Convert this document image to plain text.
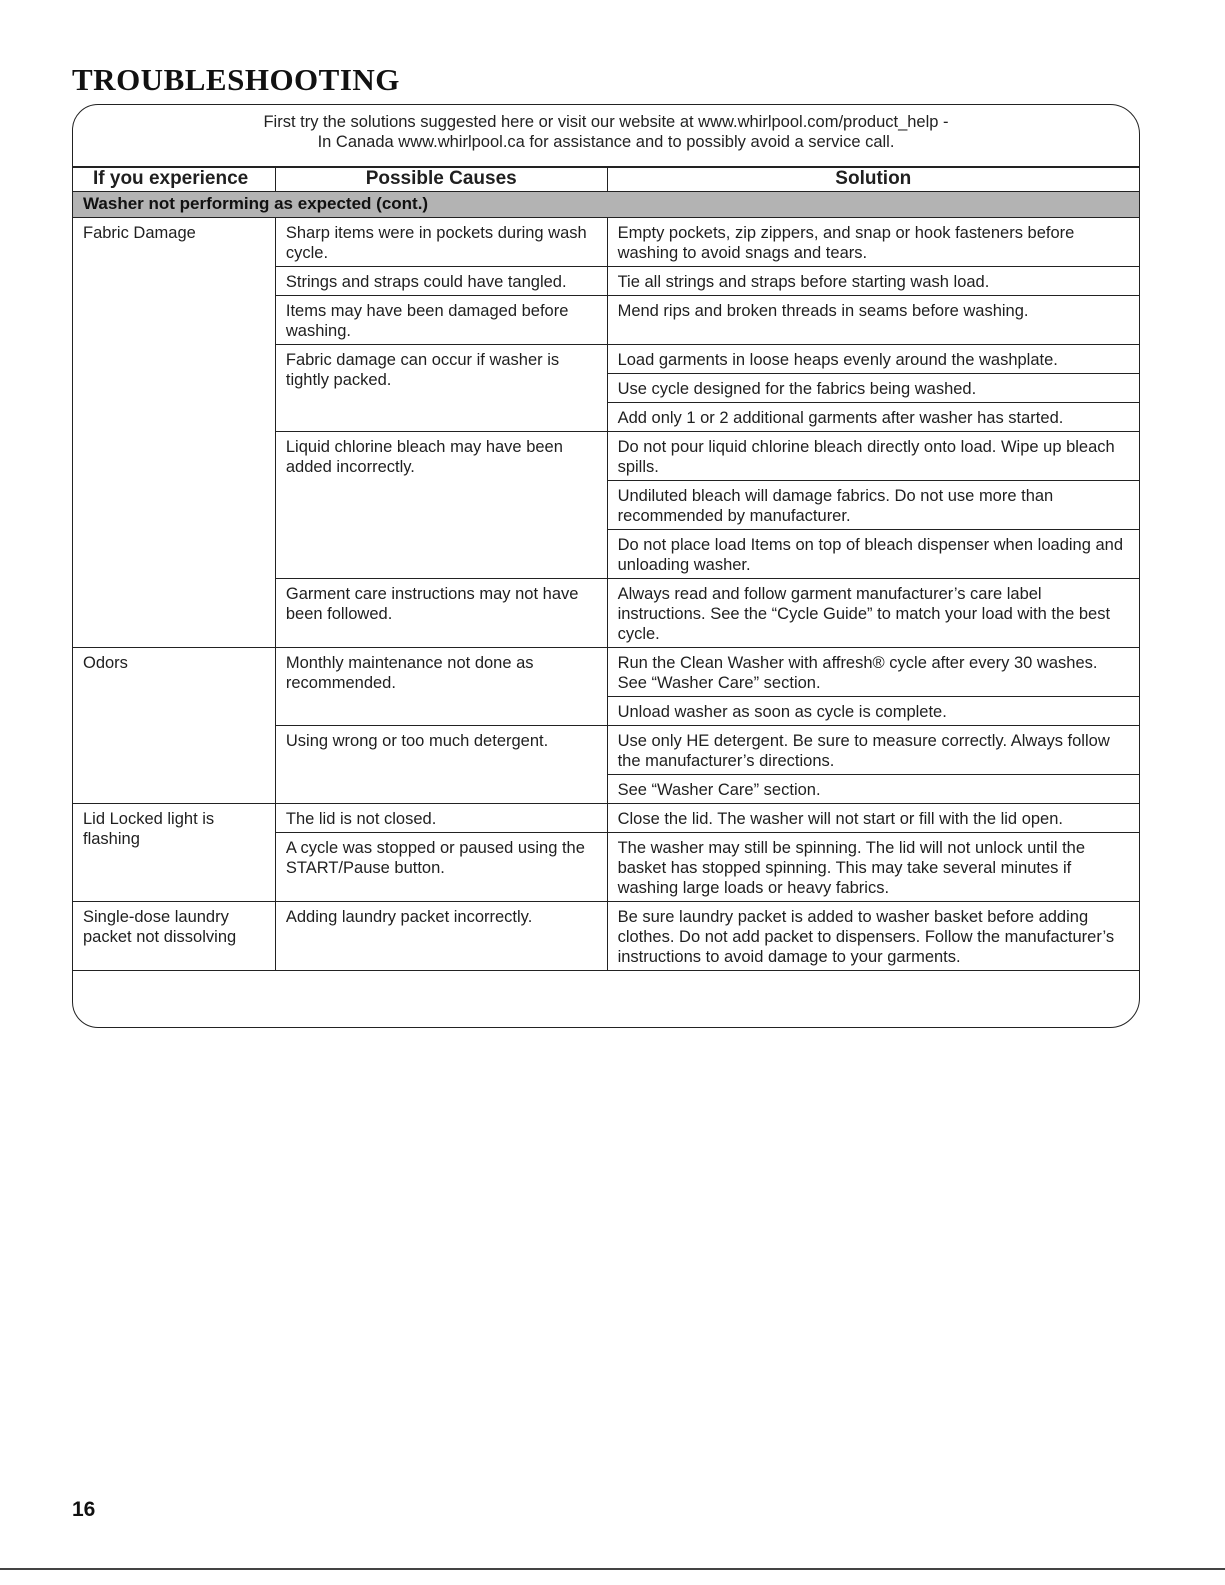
TROUBLESHOOTING
First try the solutions suggested here or visit our website at www.whirlpool.com/product_help -
In Canada www.whirlpool.ca for assistance and to possibly avoid a service call.
If you experience	Possible Causes	Solution
Washer not performing as expected (cont.)		
Fabric Damage	Sharp items were in pockets during wash cycle.	Empty pockets, zip zippers, and snap or hook fasteners before washing to avoid snags and tears.
	Strings and straps could have tangled.	Tie all strings and straps before starting wash load.
	Items may have been damaged before washing.	Mend rips and broken threads in seams before washing.
	Fabric damage can occur if washer is tightly packed.	Load garments in loose heaps evenly around the washplate.
		Use cycle designed for the fabrics being washed.
		Add only 1 or 2 additional garments after washer has started.
	Liquid chlorine bleach may have been added incorrectly.	Do not pour liquid chlorine bleach directly onto load. Wipe up bleach spills.
		Undiluted bleach will damage fabrics. Do not use more than recommended by manufacturer.
		Do not place load Items on top of bleach dispenser when loading and unloading washer.
	Garment care instructions may not have been followed.	Always read and follow garment manufacturer’s care label instructions. See the “Cycle Guide” to match your load with the best cycle.
Odors	Monthly maintenance not done as recommended.	Run the Clean Washer with affresh® cycle after every 30 washes. See “Washer Care” section.
		Unload washer as soon as cycle is complete.
	Using wrong or too much detergent.	Use only HE detergent. Be sure to measure correctly. Always follow the manufacturer’s directions.
		See “Washer Care” section.
Lid Locked light is flashing	The lid is not closed.	Close the lid. The washer will not start or fill with the lid open.
	A cycle was stopped or paused using the START/Pause button.	The washer may still be spinning. The lid will not unlock until the basket has stopped spinning. This may take several minutes if washing large loads or heavy fabrics.
Single-dose laundry packet not dissolving	Adding laundry packet incorrectly.	Be sure laundry packet is added to washer basket before adding clothes. Do not add packet to dispensers. Follow the manufacturer’s instructions to avoid damage to your garments.
16
